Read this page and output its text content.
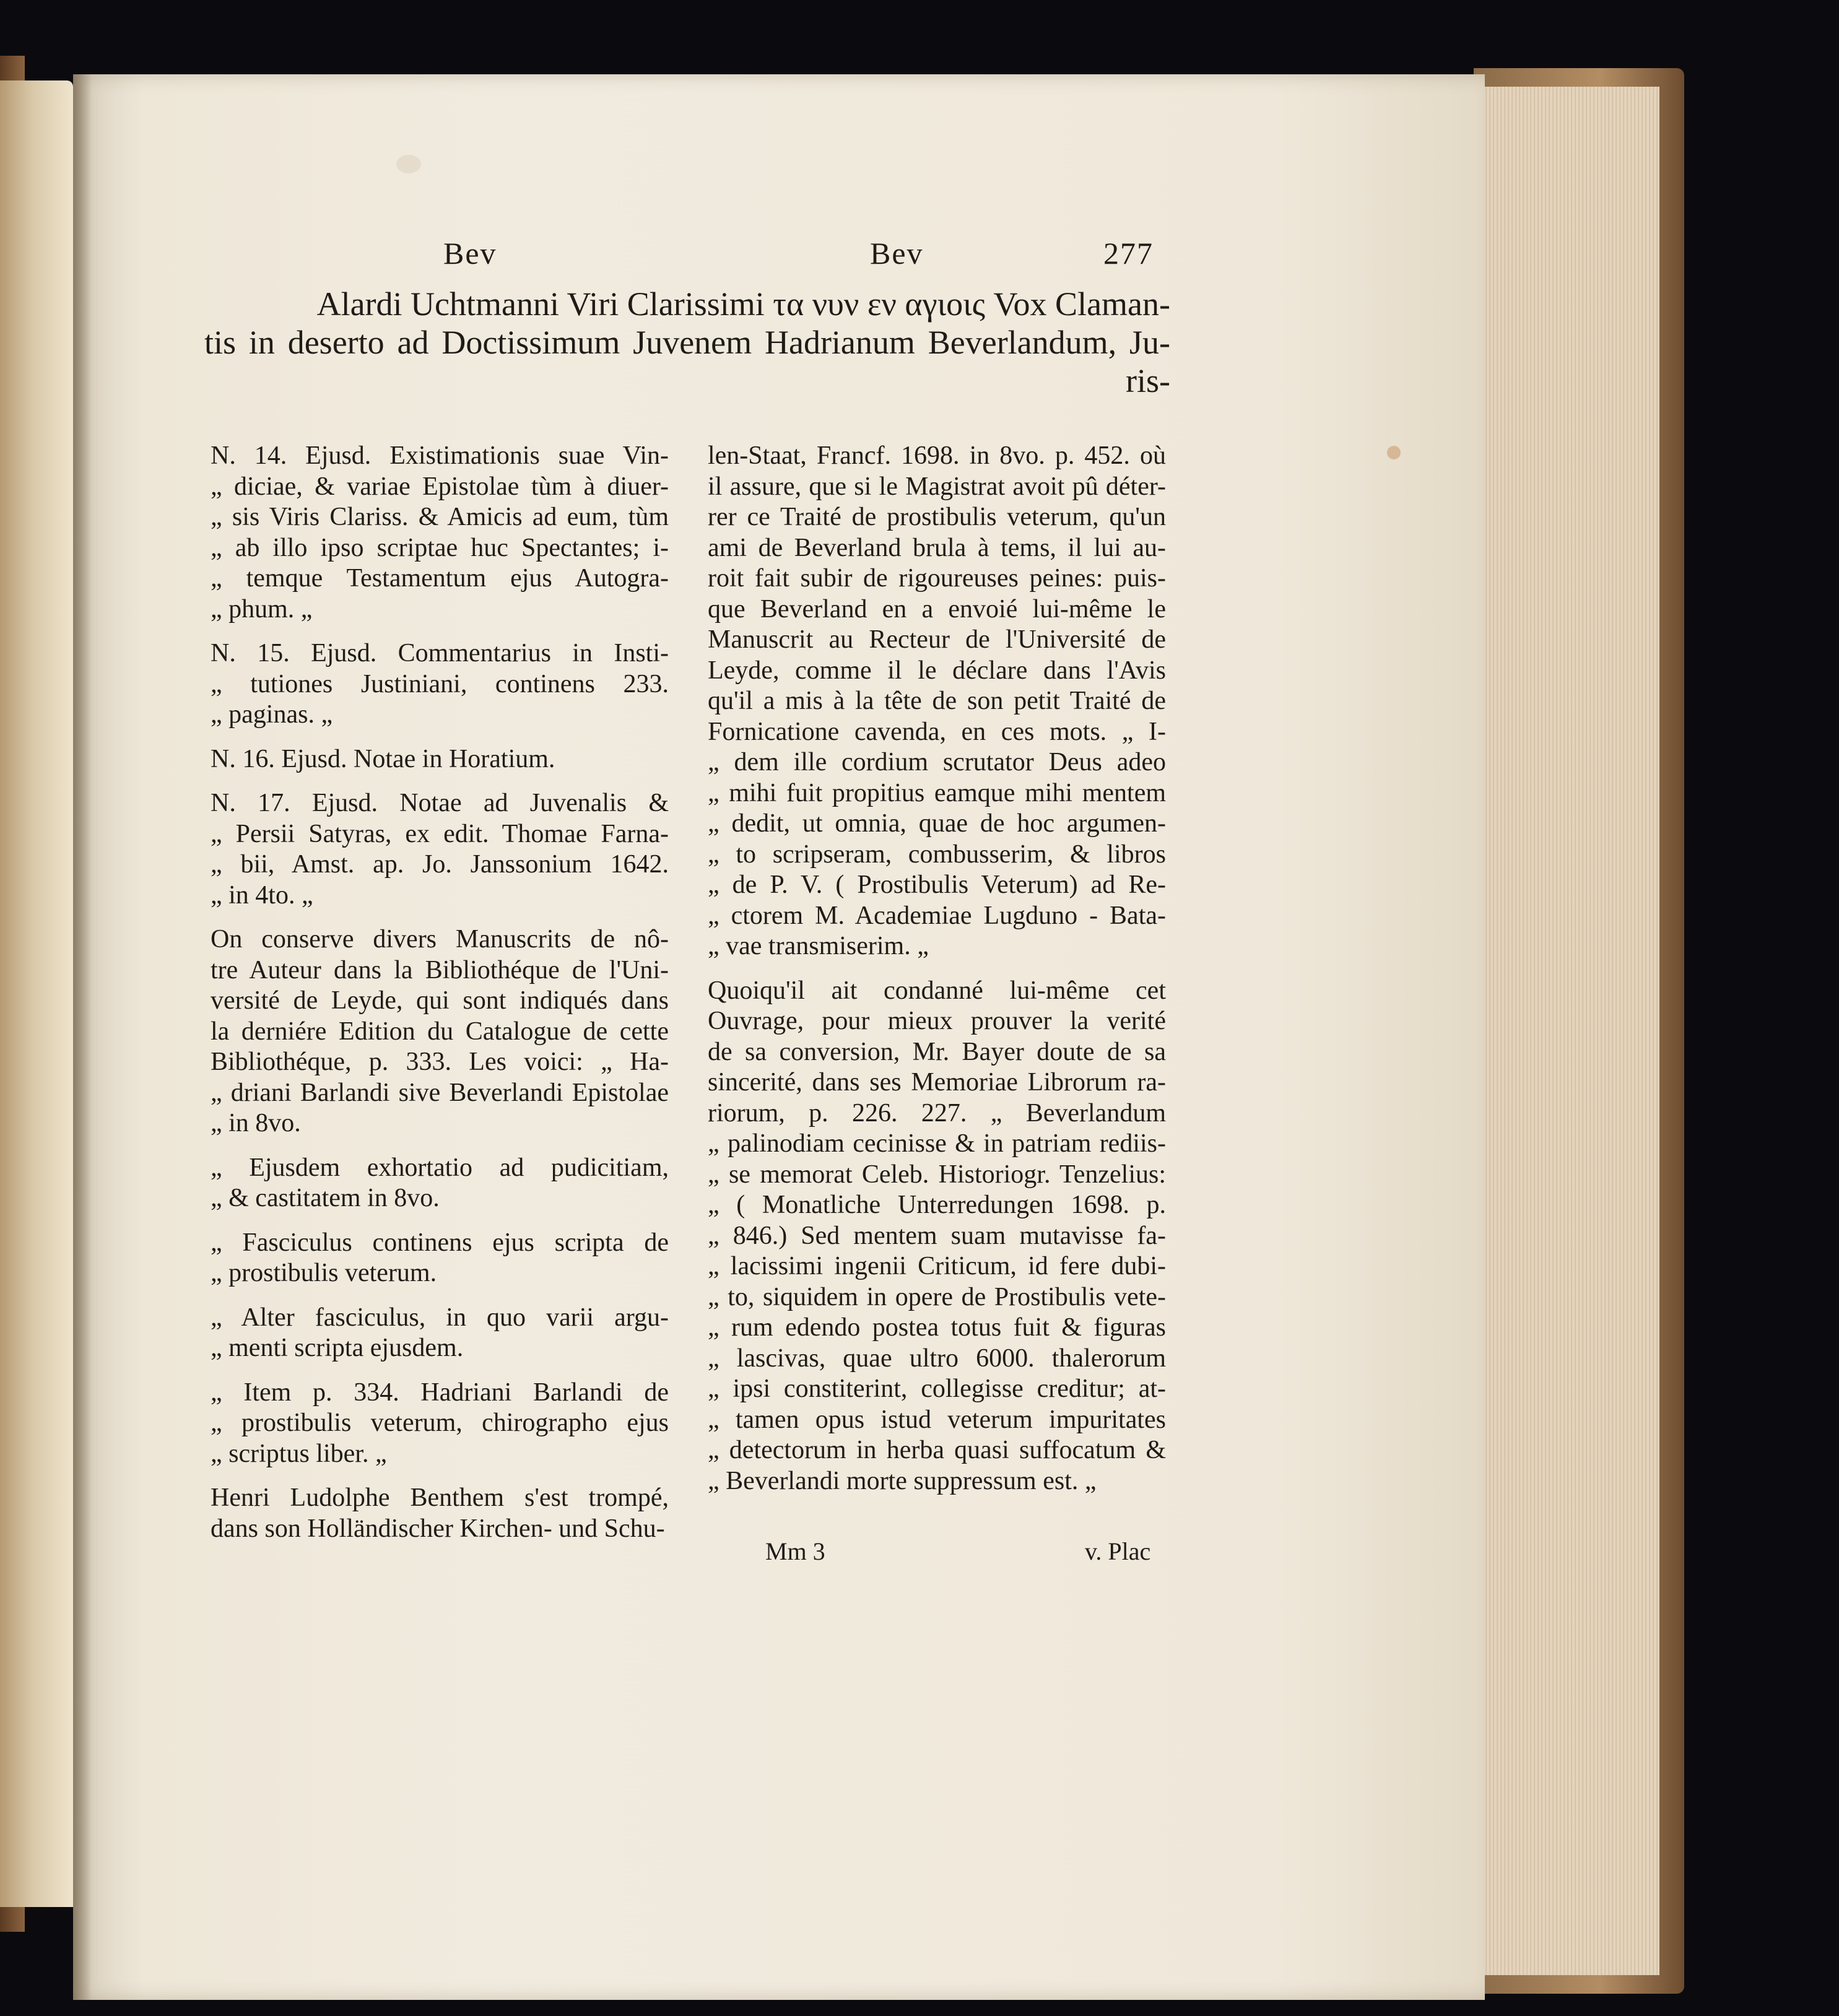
Bev	Bev	277
Alardi Uchtmanni Viri Clarissimi τα νυν εν αγιοις Vox Claman-
tis in deserto ad Doctissimum Juvenem Hadrianum Beverlandum, Ju-
ris-
N. 14. Ejusd. Existimationis suae Vin-
„ diciae, & variae Epistolae tùm à diuer-
„ sis Viris Clariss. & Amicis ad eum, tùm
„ ab illo ipso scriptae huc Spectantes; i-
„ temque Testamentum ejus Autogra-
„ phum. „
N. 15. Ejusd. Commentarius in Insti-
„ tutiones Justiniani, continens 233.
„ paginas. „
N. 16. Ejusd. Notae in Horatium.
N. 17. Ejusd. Notae ad Juvenalis &
„ Persii Satyras, ex edit. Thomae Farna-
„ bii, Amst. ap. Jo. Janssonium 1642.
„ in 4to. „
On conserve divers Manuscrits de nô-
tre Auteur dans la Bibliothéque de l'Uni-
versité de Leyde, qui sont indiqués dans
la derniére Edition du Catalogue de cette
Bibliothéque, p. 333. Les voici: „ Ha-
„ driani Barlandi sive Beverlandi Epistolae
„ in 8vo.
„ Ejusdem exhortatio ad pudicitiam,
„ & castitatem in 8vo.
„ Fasciculus continens ejus scripta de
„ prostibulis veterum.
„ Alter fasciculus, in quo varii argu-
„ menti scripta ejusdem.
„ Item p. 334. Hadriani Barlandi de
„ prostibulis veterum, chirographo ejus
„ scriptus liber. „
Henri Ludolphe Benthem s'est trompé,
dans son Holländischer Kirchen- und Schu-
len-Staat, Francf. 1698. in 8vo. p. 452. où
il assure, que si le Magistrat avoit pû déter-
rer ce Traité de prostibulis veterum, qu'un
ami de Beverland brula à tems, il lui au-
roit fait subir de rigoureuses peines: puis-
que Beverland en a envoié lui-même le
Manuscrit au Recteur de l'Université de
Leyde, comme il le déclare dans l'Avis
qu'il a mis à la tête de son petit Traité de
Fornicatione cavenda, en ces mots. „ I-
„ dem ille cordium scrutator Deus adeo
„ mihi fuit propitius eamque mihi mentem
„ dedit, ut omnia, quae de hoc argumen-
„ to scripseram, combusserim, & libros
„ de P. V. ( Prostibulis Veterum) ad Re-
„ ctorem M. Academiae Lugduno - Bata-
„ vae transmiserim. „
Quoiqu'il ait condanné lui-même cet
Ouvrage, pour mieux prouver la verité
de sa conversion, Mr. Bayer doute de sa
sincerité, dans ses Memoriae Librorum ra-
riorum, p. 226. 227. „ Beverlandum
„ palinodiam cecinisse & in patriam rediis-
„ se memorat Celeb. Historiogr. Tenzelius:
„ ( Monatliche Unterredungen 1698. p.
„ 846.) Sed mentem suam mutavisse fa-
„ lacissimi ingenii Criticum, id fere dubi-
„ to, siquidem in opere de Prostibulis vete-
„ rum edendo postea totus fuit & figuras
„ lascivas, quae ultro 6000. thalerorum
„ ipsi constiterint, collegisse creditur; at-
„ tamen opus istud veterum impuritates
„ detectorum in herba quasi suffocatum &
„ Beverlandi morte suppressum est. „
Mm 3	v. Plac
